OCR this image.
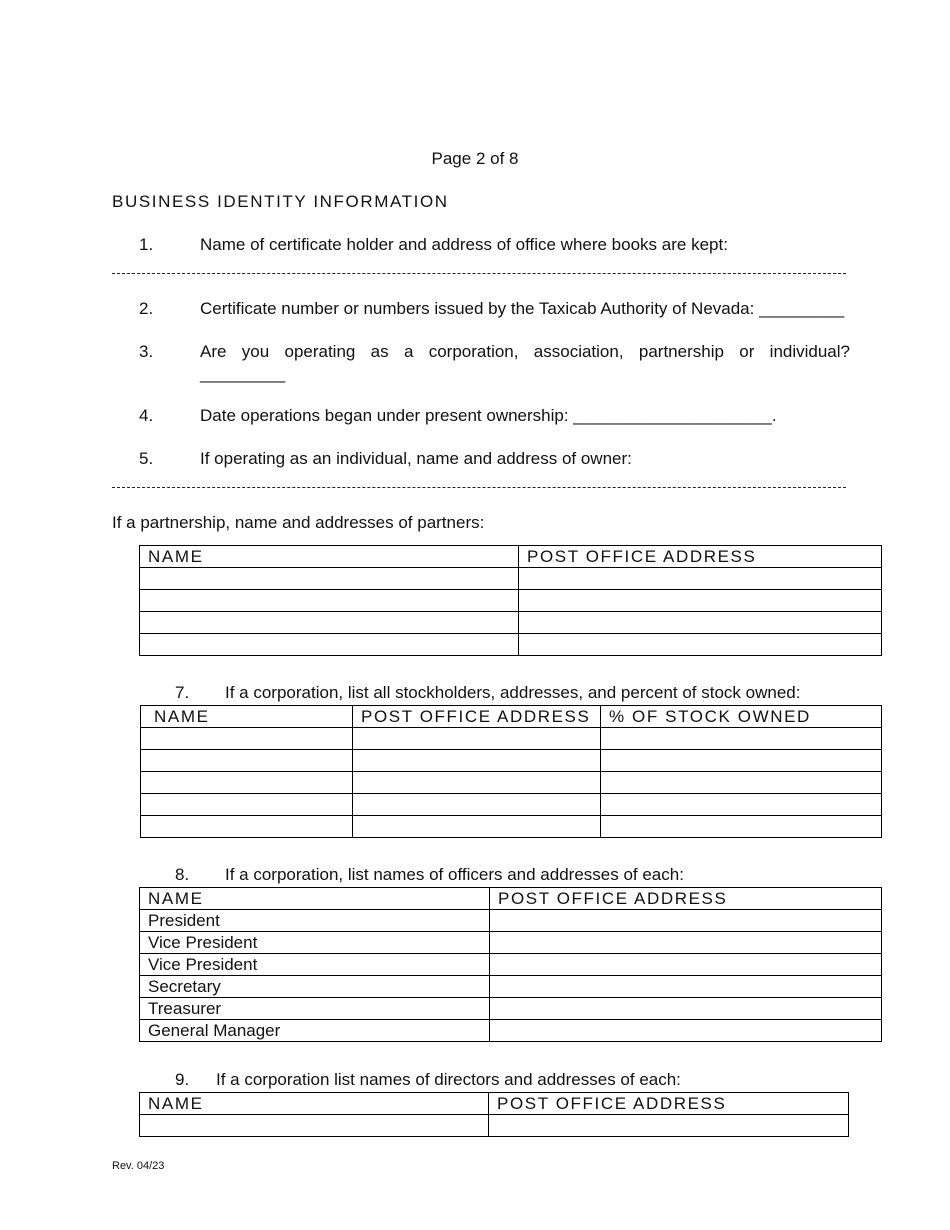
Page 2 of 8
BUSINESS IDENTITY INFORMATION
1.	Name of certificate holder and address of office where books are kept:
2.	Certificate number or numbers issued by the Taxicab Authority of Nevada: _________
3.	Are you operating as a corporation, association, partnership or individual?
_________
4.	Date operations began under present ownership: _____________________.
5.	If operating as an individual, name and address of owner:
If a partnership, name and addresses of partners:
NAME	POST OFFICE ADDRESS

7. If a corporation, list all stockholders, addresses, and percent of stock owned:
NAME	POST OFFICE ADDRESS	% OF STOCK OWNED

8. If a corporation, list names of officers and addresses of each:
NAME	POST OFFICE ADDRESS
President	
Vice President	
Vice President	
Secretary	
Treasurer	
General Manager	
9. If a corporation list names of directors and addresses of each:
NAME	POST OFFICE ADDRESS

Rev. 04/23
